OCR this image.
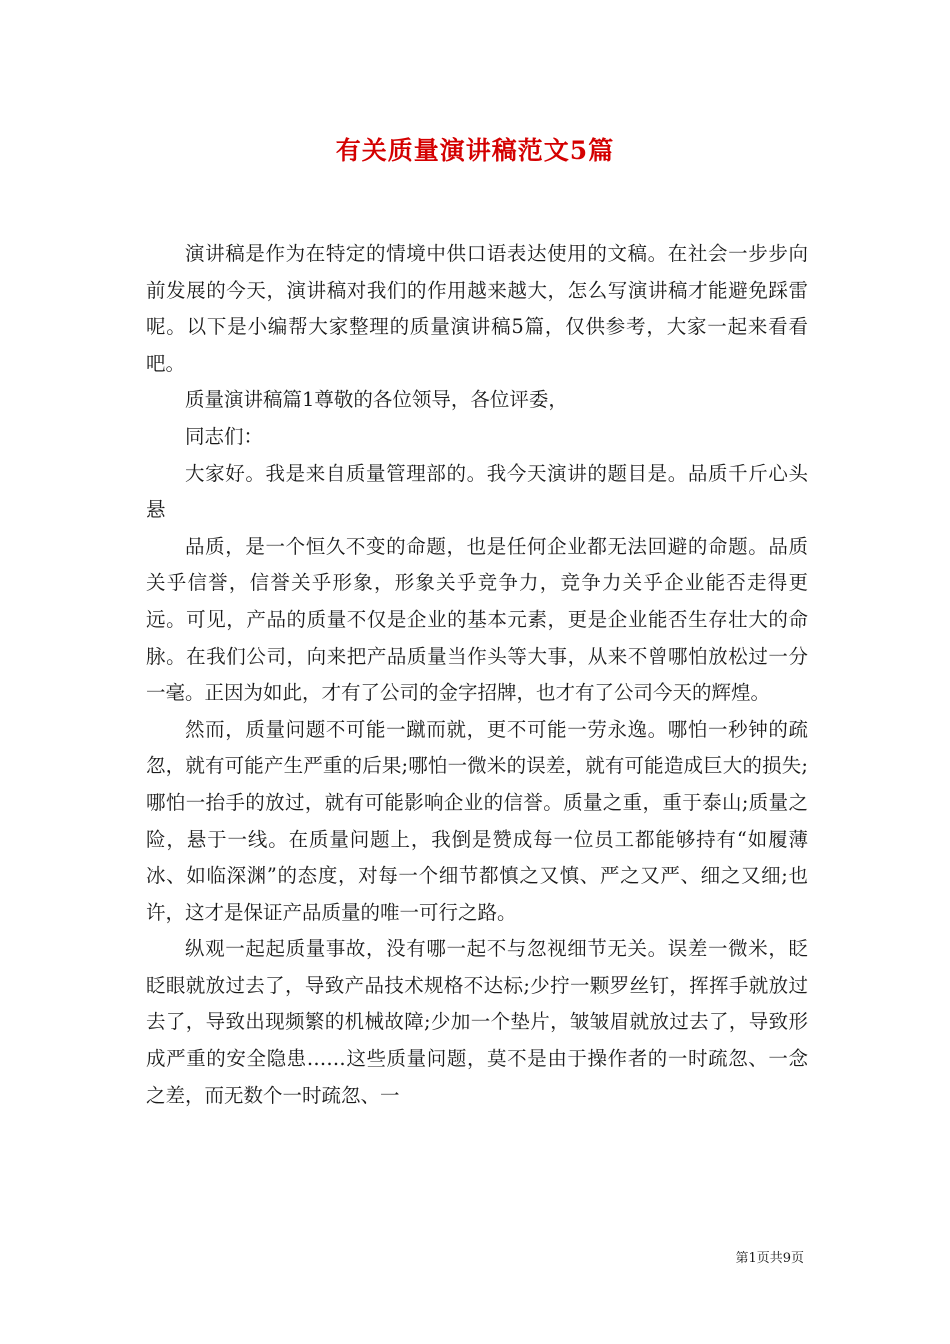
有关质量演讲稿范文5篇

演讲稿是作为在特定的情境中供口语表达使用的文稿。在社会一步步向前发展的今天，演讲稿对我们的作用越来越大，怎么写演讲稿才能避免踩雷呢。以下是小编帮大家整理的质量演讲稿5篇，仅供参考，大家一起来看看吧。

质量演讲稿篇1尊敬的各位领导，各位评委，

同志们：

大家好。我是来自质量管理部的。我今天演讲的题目是。品质千斤心头悬

品质，是一个恒久不变的命题，也是任何企业都无法回避的命题。品质关乎信誉，信誉关乎形象，形象关乎竞争力，竞争力关乎企业能否走得更远。可见，产品的质量不仅是企业的基本元素，更是企业能否生存壮大的命脉。在我们公司，向来把产品质量当作头等大事，从来不曾哪怕放松过一分一毫。正因为如此，才有了公司的金字招牌，也才有了公司今天的辉煌。

然而，质量问题不可能一蹴而就，更不可能一劳永逸。哪怕一秒钟的疏忽，就有可能产生严重的后果;哪怕一微米的误差，就有可能造成巨大的损失;哪怕一抬手的放过，就有可能影响企业的信誉。质量之重，重于泰山;质量之险，悬于一线。在质量问题上，我倒是赞成每一位员工都能够持有“如履薄冰、如临深渊”的态度，对每一个细节都慎之又慎、严之又严、细之又细;也许，这才是保证产品质量的唯一可行之路。

纵观一起起质量事故，没有哪一起不与忽视细节无关。误差一微米，眨眨眼就放过去了，导致产品技术规格不达标;少拧一颗罗丝钉，挥挥手就放过去了，导致出现频繁的机械故障;少加一个垫片，皱皱眉就放过去了，导致形成严重的安全隐患……这些质量问题，莫不是由于操作者的一时疏忽、一念之差，而无数个一时疏忽、一

第1页共9页
